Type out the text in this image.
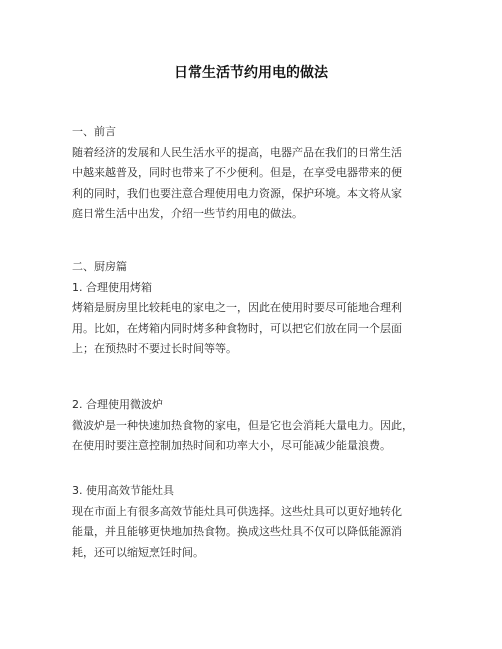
日常生活节约用电的做法
一、前言
随着经济的发展和人民生活水平的提高，电器产品在我们的日常生活
中越来越普及，同时也带来了不少便利。但是，在享受电器带来的便
利的同时，我们也要注意合理使用电力资源，保护环境。本文将从家
庭日常生活中出发，介绍一些节约用电的做法。
二、厨房篇
1. 合理使用烤箱
烤箱是厨房里比较耗电的家电之一，因此在使用时要尽可能地合理利
用。比如，在烤箱内同时烤多种食物时，可以把它们放在同一个层面
上；在预热时不要过长时间等等。
2. 合理使用微波炉
微波炉是一种快速加热食物的家电，但是它也会消耗大量电力。因此，
在使用时要注意控制加热时间和功率大小，尽可能减少能量浪费。
3. 使用高效节能灶具
现在市面上有很多高效节能灶具可供选择。这些灶具可以更好地转化
能量，并且能够更快地加热食物。换成这些灶具不仅可以降低能源消
耗，还可以缩短烹饪时间。
